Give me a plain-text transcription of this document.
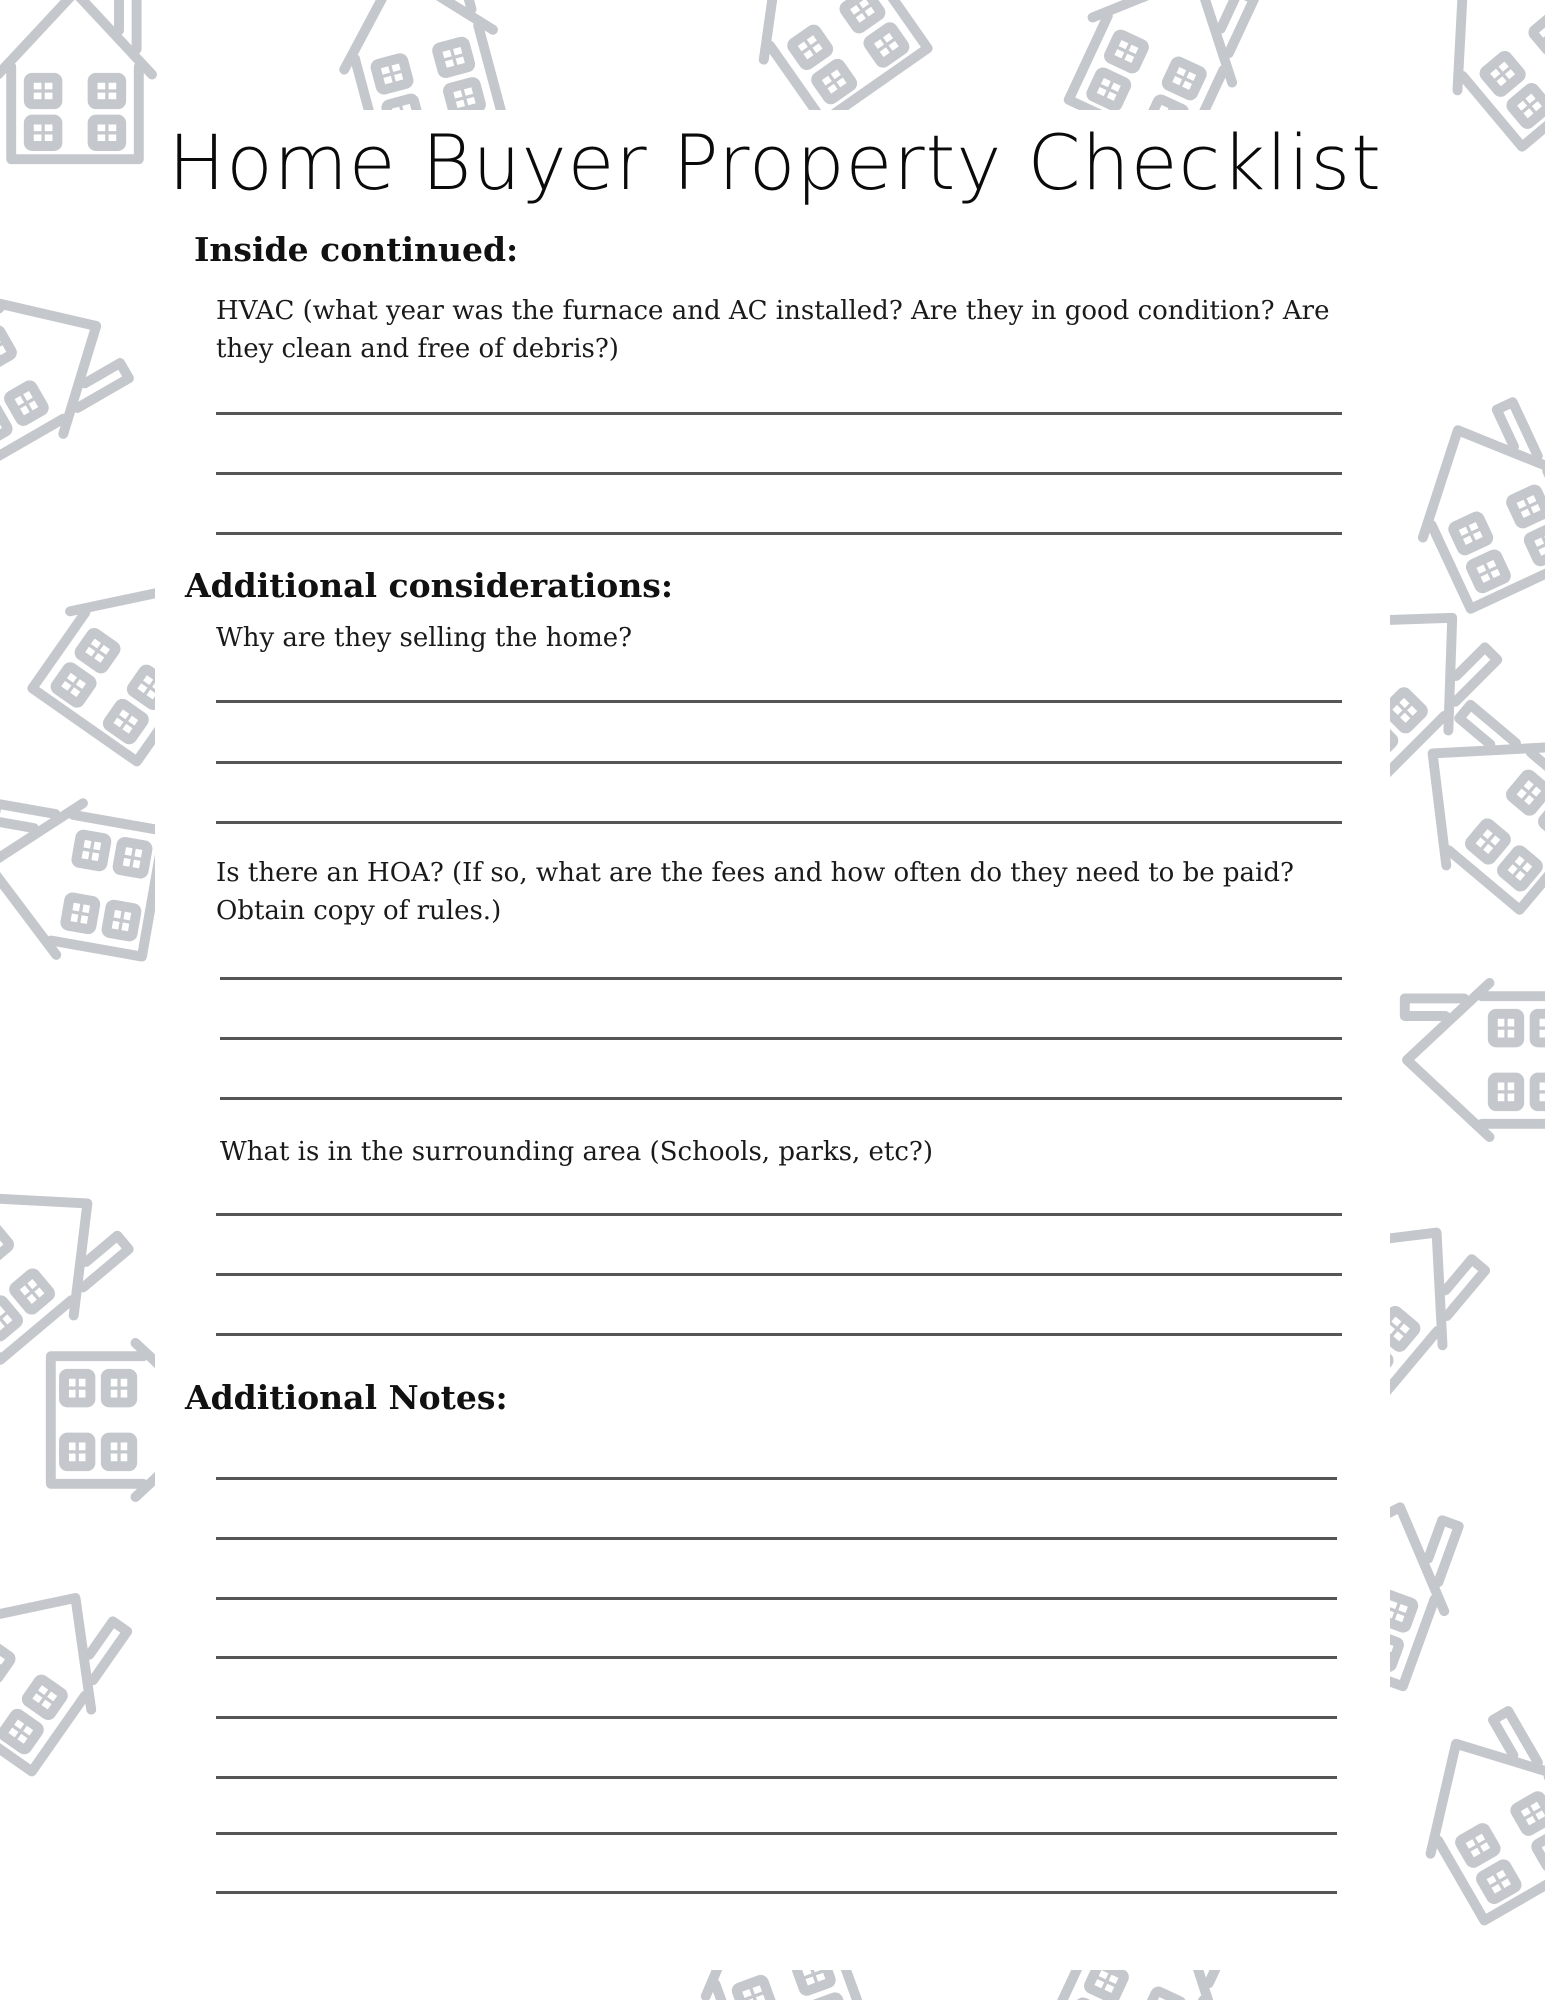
Home Buyer Property Checklist
Inside continued:
HVAC (what year was the furnace and AC installed? Are they in good condition? Are they clean and free of debris?)
Additional considerations:
Why are they selling the home?
Is there an HOA? (If so, what are the fees and how often do they need to be paid? Obtain copy of rules.)
What is in the surrounding area (Schools, parks, etc?)
Additional Notes:
